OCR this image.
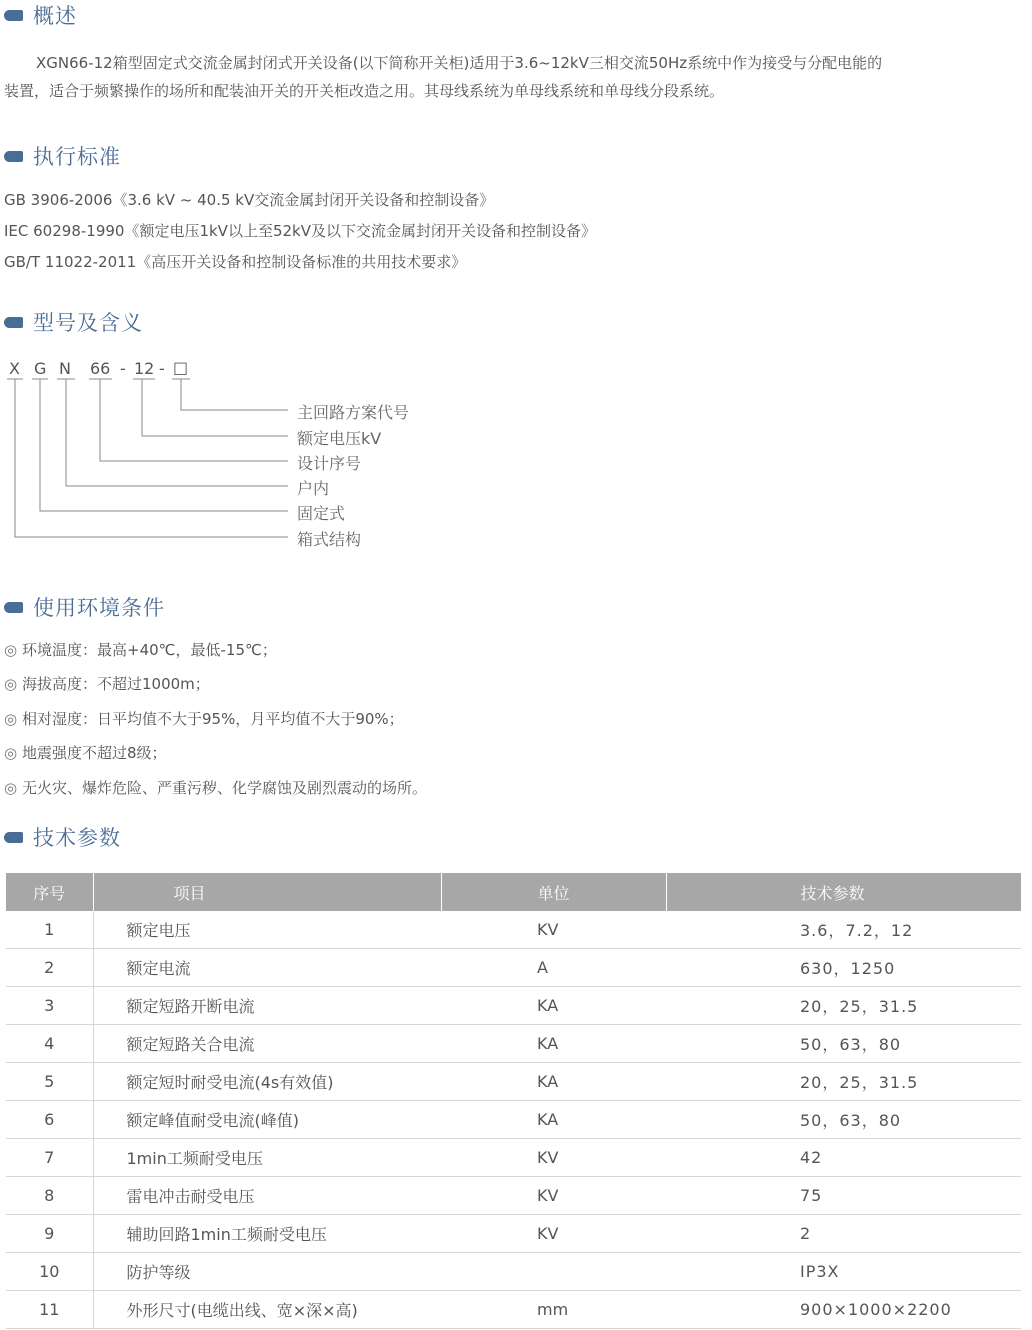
概述

XGN66-12箱型固定式交流金属封闭式开关设备(以下简称开关柜)适用于3.6~12kV三相交流50Hz系统中作为接受与分配电能的

装置，适合于频繁操作的场所和配装油开关的开关柜改造之用。其母线系统为单母线系统和单母线分段系统。
执行标准
GB 3906-2006《3.6 kV ~ 40.5 kV交流金属封闭开关设备和控制设备》
IEC 60298-1990《额定电压1kV以上至52kV及以下交流金属封闭开关设备和控制设备》
GB/T 11022-2011《高压开关设备和控制设备标准的共用技术要求》
型号及含义
X G N 66 - 12 - □
主回路方案代号
额定电压kV
设计序号
户内
固定式
箱式结构
使用环境条件
◎ 环境温度：最高+40℃，最低-15℃；
◎ 海拔高度：不超过1000m；
◎ 相对湿度：日平均值不大于95%，月平均值不大于90%；
◎ 地震强度不超过8级；
◎ 无火灾、爆炸危险、严重污秽、化学腐蚀及剧烈震动的场所。
技术参数
序号	项目	单位	技术参数
1	额定电压	KV	3.6，7.2，12
2	额定电流	A	630，1250
3	额定短路开断电流	KA	20，25，31.5
4	额定短路关合电流	KA	50，63，80
5	额定短时耐受电流(4s有效值)	KA	20，25，31.5
6	额定峰值耐受电流(峰值)	KA	50，63，80
7	1min工频耐受电压	KV	42
8	雷电冲击耐受电压	KV	75
9	辅助回路1min工频耐受电压	KV	2
10	防护等级		IP3X
11	外形尺寸(电缆出线、宽×深×高)	mm	900×1000×2200
